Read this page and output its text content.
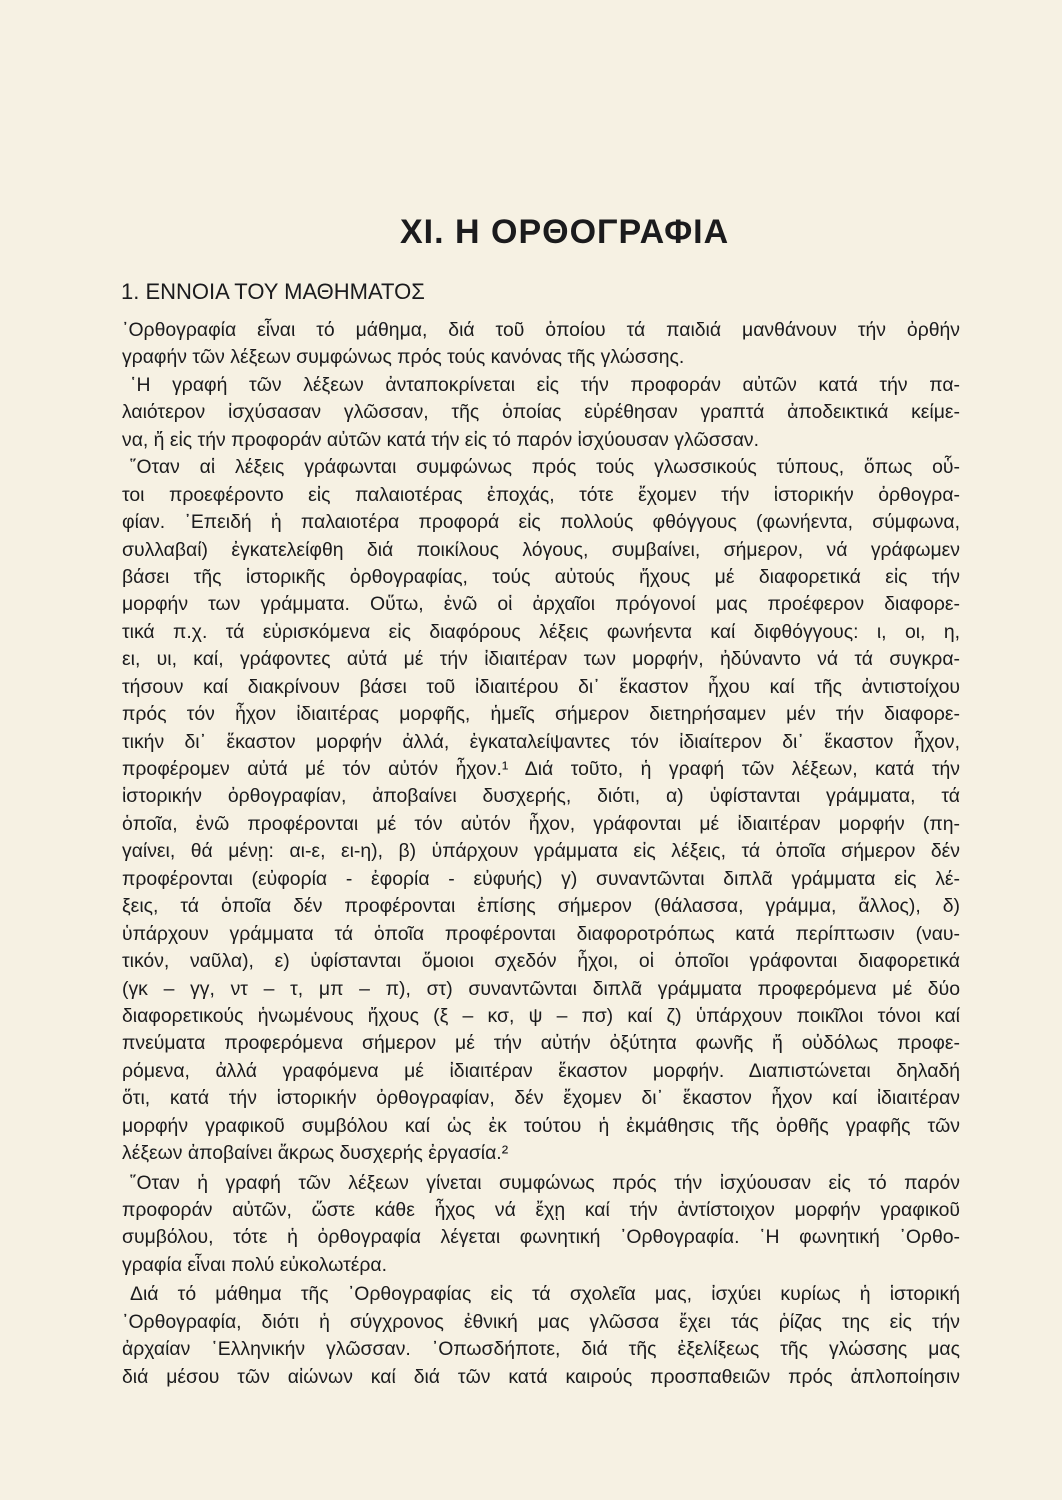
XI. Η ΟΡΘΟΓΡΑΦΙΑ
1. ΕΝΝΟΙΑ ΤΟΥ ΜΑΘΗΜΑΤΟΣ

᾿Ορθογραφία εἶναι τό μάθημα, διά τοῦ ὁποίου τά παιδιά μανθάνουν τήν ὀρθήν
γραφήν τῶν λέξεων συμφώνως πρός τούς κανόνας τῆς γλώσσης.

῾Η γραφή τῶν λέξεων ἀνταποκρίνεται εἰς τήν προφοράν αὐτῶν κατά τήν πα-
λαιότερον ἰσχύσασαν γλῶσσαν, τῆς ὁποίας εὑρέθησαν γραπτά ἀποδεικτικά κείμε-
να, ἤ εἰς τήν προφοράν αὐτῶν κατά τήν εἰς τό παρόν ἰσχύουσαν γλῶσσαν.

῞Οταν αἱ λέξεις γράφωνται συμφώνως πρός τούς γλωσσικούς τύπους, ὅπως οὗ-
τοι προεφέροντο εἰς παλαιοτέρας ἐποχάς, τότε ἔχομεν τήν ἱστορικήν ὀρθογρα-
φίαν. ᾿Επειδή ἡ παλαιοτέρα προφορά εἰς πολλούς φθόγγους (φωνήεντα, σύμφωνα,
συλλαβαί) ἐγκατελείφθη διά ποικίλους λόγους, συμβαίνει, σήμερον, νά γράφωμεν
βάσει τῆς ἱστορικῆς ὀρθογραφίας, τούς αὐτούς ἤχους μέ διαφορετικά εἰς τήν
μορφήν των γράμματα. Οὕτω, ἐνῶ οἱ ἀρχαῖοι πρόγονοί μας προέφερον διαφορε-
τικά π.χ. τά εὑρισκόμενα εἰς διαφόρους λέξεις φωνήεντα καί διφθόγγους: ι, οι, η,
ει, υι, καί, γράφοντες αὐτά μέ τήν ἰδιαιτέραν των μορφήν, ἠδύναντο νά τά συγκρα-
τήσουν καί διακρίνουν βάσει τοῦ ἰδιαιτέρου δι᾿ ἕκαστον ἦχου καί τῆς ἀντιστοίχου
πρός τόν ἦχον ἰδιαιτέρας μορφῆς, ἡμεῖς σήμερον διετηρήσαμεν μέν τήν διαφορε-
τικήν δι᾿ ἕκαστον μορφήν ἀλλά, ἐγκαταλείψαντες τόν ἰδιαίτερον δι᾿ ἕκαστον ἦχον,
προφέρομεν αὐτά μέ τόν αὐτόν ἦχον.¹ Διά τοῦτο, ἡ γραφή τῶν λέξεων, κατά τήν
ἱστορικήν ὀρθογραφίαν, ἀποβαίνει δυσχερής, διότι, α) ὑφίστανται γράμματα, τά
ὁποῖα, ἐνῶ προφέρονται μέ τόν αὐτόν ἦχον, γράφονται μέ ἰδιαιτέραν μορφήν (πη-
γαίνει, θά μένῃ: αι-ε, ει-η), β) ὑπάρχουν γράμματα εἰς λέξεις, τά ὁποῖα σήμερον δέν
προφέρονται (εὐφορία - ἐφορία - εὐφυής) γ) συναντῶνται διπλᾶ γράμματα εἰς λέ-
ξεις, τά ὁποῖα δέν προφέρονται ἐπίσης σήμερον (θάλασσα, γράμμα, ἄλλος), δ)
ὑπάρχουν γράμματα τά ὁποῖα προφέρονται διαφοροτρόπως κατά περίπτωσιν (ναυ-
τικόν, ναῦλα), ε) ὑφίστανται ὅμοιοι σχεδόν ἦχοι, οἱ ὁποῖοι γράφονται διαφορετικά
(γκ – γγ, ντ – τ, μπ – π), στ) συναντῶνται διπλᾶ γράμματα προφερόμενα μέ δύο
διαφορετικούς ἡνωμένους ἤχους (ξ – κσ, ψ – πσ) καί ζ) ὑπάρχουν ποικῖλοι τόνοι καί
πνεύματα προφερόμενα σήμερον μέ τήν αὐτήν ὀξύτητα φωνῆς ἤ οὐδόλως προφε-
ρόμενα, ἀλλά γραφόμενα μέ ἰδιαιτέραν ἕκαστον μορφήν. Διαπιστώνεται δηλαδή
ὅτι, κατά τήν ἱστορικήν ὀρθογραφίαν, δέν ἔχομεν δι᾿ ἕκαστον ἦχον καί ἰδιαιτέραν
μορφήν γραφικοῦ συμβόλου καί ὡς ἐκ τούτου ἡ ἐκμάθησις τῆς ὀρθῆς γραφῆς τῶν
λέξεων ἀποβαίνει ἄκρως δυσχερής ἐργασία.²

῞Οταν ἡ γραφή τῶν λέξεων γίνεται συμφώνως πρός τήν ἰσχύουσαν εἰς τό παρόν
προφοράν αὐτῶν, ὥστε κάθε ἦχος νά ἔχῃ καί τήν ἀντίστοιχον μορφήν γραφικοῦ
συμβόλου, τότε ἡ ὀρθογραφία λέγεται φωνητική ᾿Ορθογραφία. ῾Η φωνητική ᾿Ορθο-
γραφία εἶναι πολύ εὐκολωτέρα.

Διά τό μάθημα τῆς ᾿Ορθογραφίας εἰς τά σχολεῖα μας, ἰσχύει κυρίως ἡ ἱστορική
᾿Ορθογραφία, διότι ἡ σύγχρονος ἐθνική μας γλῶσσα ἔχει τάς ῥίζας της εἰς τήν
ἀρχαίαν ῾Ελληνικήν γλῶσσαν. ᾿Οπωσδήποτε, διά τῆς ἐξελίξεως τῆς γλώσσης μας
διά μέσου τῶν αἰώνων καί διά τῶν κατά καιρούς προσπαθειῶν πρός ἁπλοποίησιν
